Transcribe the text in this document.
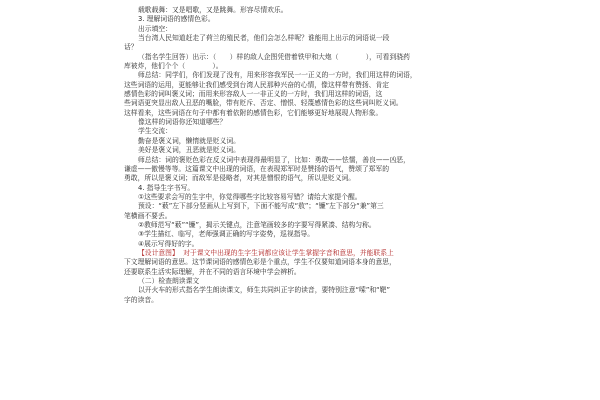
载歌载舞：又是唱歌，又是跳舞。形容尽情欢乐。
3. 理解词语的感情色彩。
出示填空：
当台湾人民知道赶走了荷兰的殖民者，他们会怎么样呢？谁能用上出示的词语说一段
话？
（指名学生回答）出示：（　　）样的敌人企图凭借着铁甲和大炮（　　　　），可看到骁药
库被炸，他们个个（　　　　）。
师总结：同学们，你们发现了没有，用来形容我军民一一正义的一方时，我们用这样的词语，
这些词语的运用，更能够让我们感受到台湾人民那种兴奋的心情，像这样带有赞扬、肯定
感情色彩的词叫褒义词；而用来形容敌人一一非正义的一方时，我们用这样的词语，这
些词语更突显出敌人丑恶的嘴脸，带有贬斥、否定、憎恨、轻蔑感情色彩的这些词叫贬义词。
这样看来，这些词语在句子中都有着依附的感情色彩，它们能够更好地展现人物形象。
像这样的词语你还知道哪些？
学生交流：
勤奋是褒义词，懒惰就是贬义词。
美好是褒义词，丑恶就是贬义词。
师总结：词的褒贬色彩在反义词中表现得最明显了，比如：勇敢——怯懦，善良——凶恶，
谦虚——傲慢等等。这篇课文中出现的词语，在表现郑军时是赞扬的语气，赞颂了郑军的
勇敢，所以是褒义词；而敌军是侵略者，对其是憎恨的语气，所以是贬义词。
4. 指导生字书写。
①这些要求会写的生字中，你觉得哪些字比较容易写错？请给大家提个醒。
预设：“薮”左下部分竖画从上写到下，下面不能写成“敖”；“镰”左下部分“兼”第三
笔横画不要丢。
②教师范写“薮”“镰”，揭示关键点，注意笔画较多的字要写得紧凑、结构匀称。
③学生描红、临写，老师强调正确的写字姿势，巡视指导。
④展示写得好的字。
【设计意图】  对于课文中出现的生字生词都应该让学生掌握字音和意思，并能联系上
下文理解词语的意思。这节课词语的感情色彩是个重点，学生不仅要知道词语本身的意思，
还要联系生活实际理解，并在不同的语言环境中学会辨析。
（二）检查朗读课文
以开火车的形式指名学生朗读课文，师生共同纠正字的读音，要特别注意“嗦”和“靶”
字的读音。
